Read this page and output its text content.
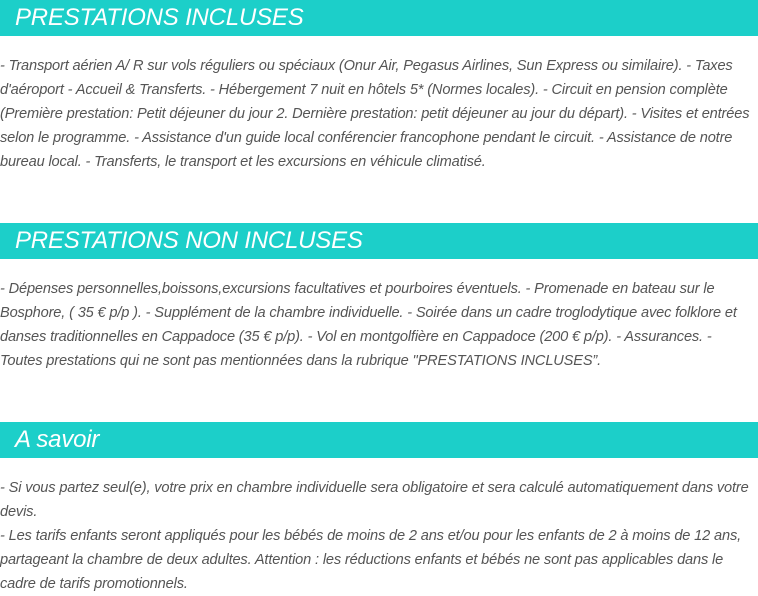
PRESTATIONS INCLUSES

- Transport aérien A/ R sur vols réguliers ou spéciaux (Onur Air, Pegasus Airlines, Sun Express ou similaire). - Taxes d'aéroport - Accueil & Transferts. - Hébergement 7 nuit en hôtels 5* (Normes locales). - Circuit en pension complète (Première prestation: Petit déjeuner du jour 2. Dernière prestation: petit déjeuner au jour du départ). - Visites et entrées selon le programme. - Assistance d'un guide local conférencier francophone pendant le circuit. - Assistance de notre bureau local. - Transferts, le transport et les excursions en véhicule climatisé.

PRESTATIONS NON INCLUSES

- Dépenses personnelles,boissons,excursions facultatives et pourboires éventuels. - Promenade en bateau sur le Bosphore, ( 35 € p/p ). - Supplément de la chambre individuelle. - Soirée dans un cadre troglodytique avec folklore et danses traditionnelles en Cappadoce (35 € p/p). - Vol en montgolfière en Cappadoce (200 € p/p). - Assurances. - Toutes prestations qui ne sont pas mentionnées dans la rubrique "PRESTATIONS INCLUSES”.

A savoir

- Si vous partez seul(e), votre prix en chambre individuelle sera obligatoire et sera calculé automatiquement dans votre devis.

- Les tarifs enfants seront appliqués pour les bébés de moins de 2 ans et/ou pour les enfants de 2 à moins de 12 ans, partageant la chambre de deux adultes. Attention : les réductions enfants et bébés ne sont pas applicables dans le cadre de tarifs promotionnels.
